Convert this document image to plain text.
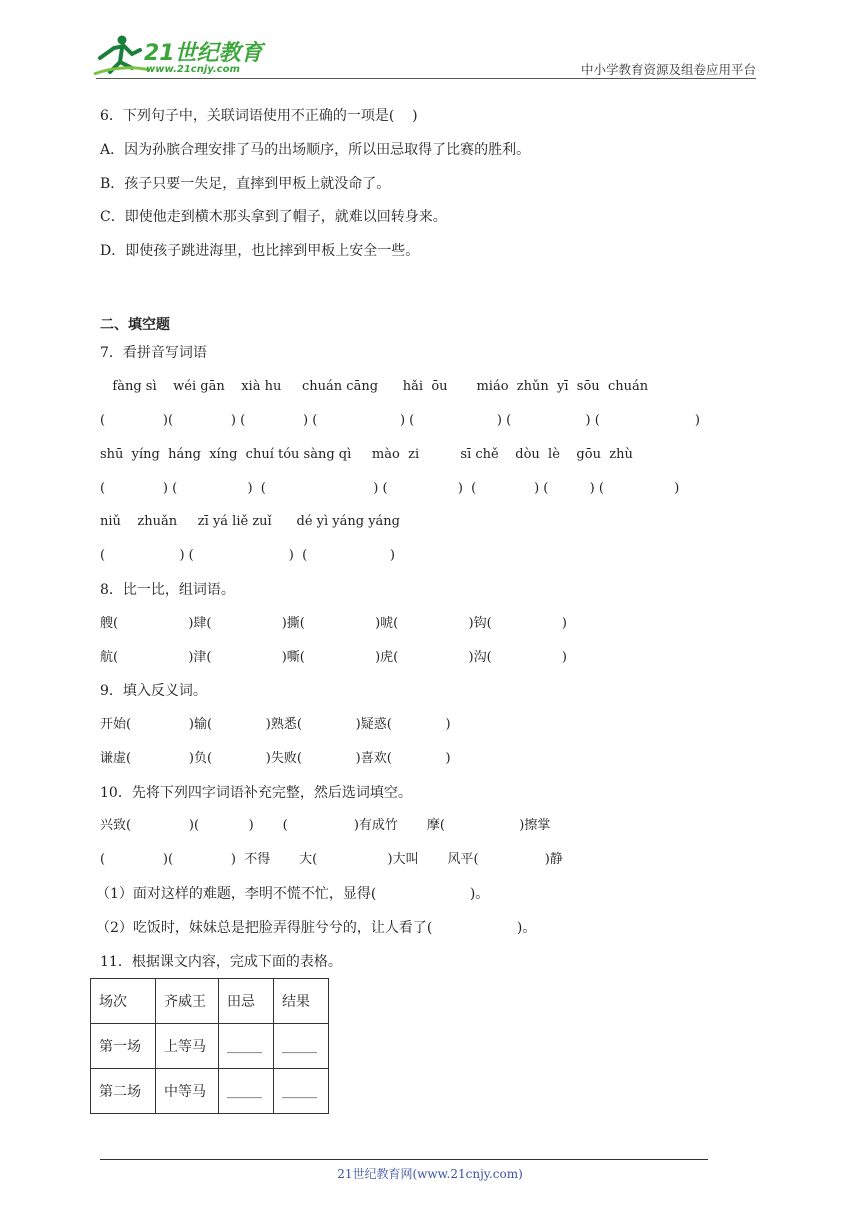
21世纪教育
www.21cnjy.com	中小学教育资源及组卷应用平台
6．下列句子中，关联词语使用不正确的一项是(    )
A．因为孙膑合理安排了马的出场顺序，所以田忌取得了比赛的胜利。
B．孩子只要一失足，直摔到甲板上就没命了。
C．即使他走到横木那头拿到了帽子，就难以回转身来。
D．即使孩子跳进海里，也比摔到甲板上安全一些。
二、填空题
7．看拼音写词语
fàng sì    wéi gān    xià hu     chuán cāng      hǎi  ōu       miáo  zhǔn  yī  sōu  chuán
(              )(              ) (              ) (                    ) (                    ) (                  ) (                       )
shū  yíng  háng  xíng  chuí tóu sàng qì     mào  zi          sī chě    dòu  lè    gōu  zhù
(              ) (                 )  (                          ) (                 )  (              ) (          ) (                 )
niǔ    zhuǎn     zī yá liě zuǐ      dé yì yáng yáng
(                  ) (                       )  (                    )
8．比一比，组词语。
艘(                 )肆(                 )撕(                 )唬(                 )钩(                 )
航(                 )津(                 )嘶(                 )虎(                 )沟(                 )
9．填入反义词。
开始(              )输(             )熟悉(             )疑惑(             )
谦虚(              )负(             )失败(             )喜欢(             )
10．先将下列四字词语补充完整，然后选词填空。
兴致(              )(            )       (                )有成竹       摩(                  )擦掌
(              )(              )  不得       大(                 )大叫       风平(                )静
（1）面对这样的难题，李明不慌不忙，显得(                     )。
（2）吃饭时，妹妹总是把脸弄得脏兮兮的，让人看了(                   )。
11．根据课文内容，完成下面的表格。
场次	齐威王	田忌	结果
第一场	上等马	_____	_____
第二场	中等马	_____	_____
21世纪教育网(www.21cnjy.com)
